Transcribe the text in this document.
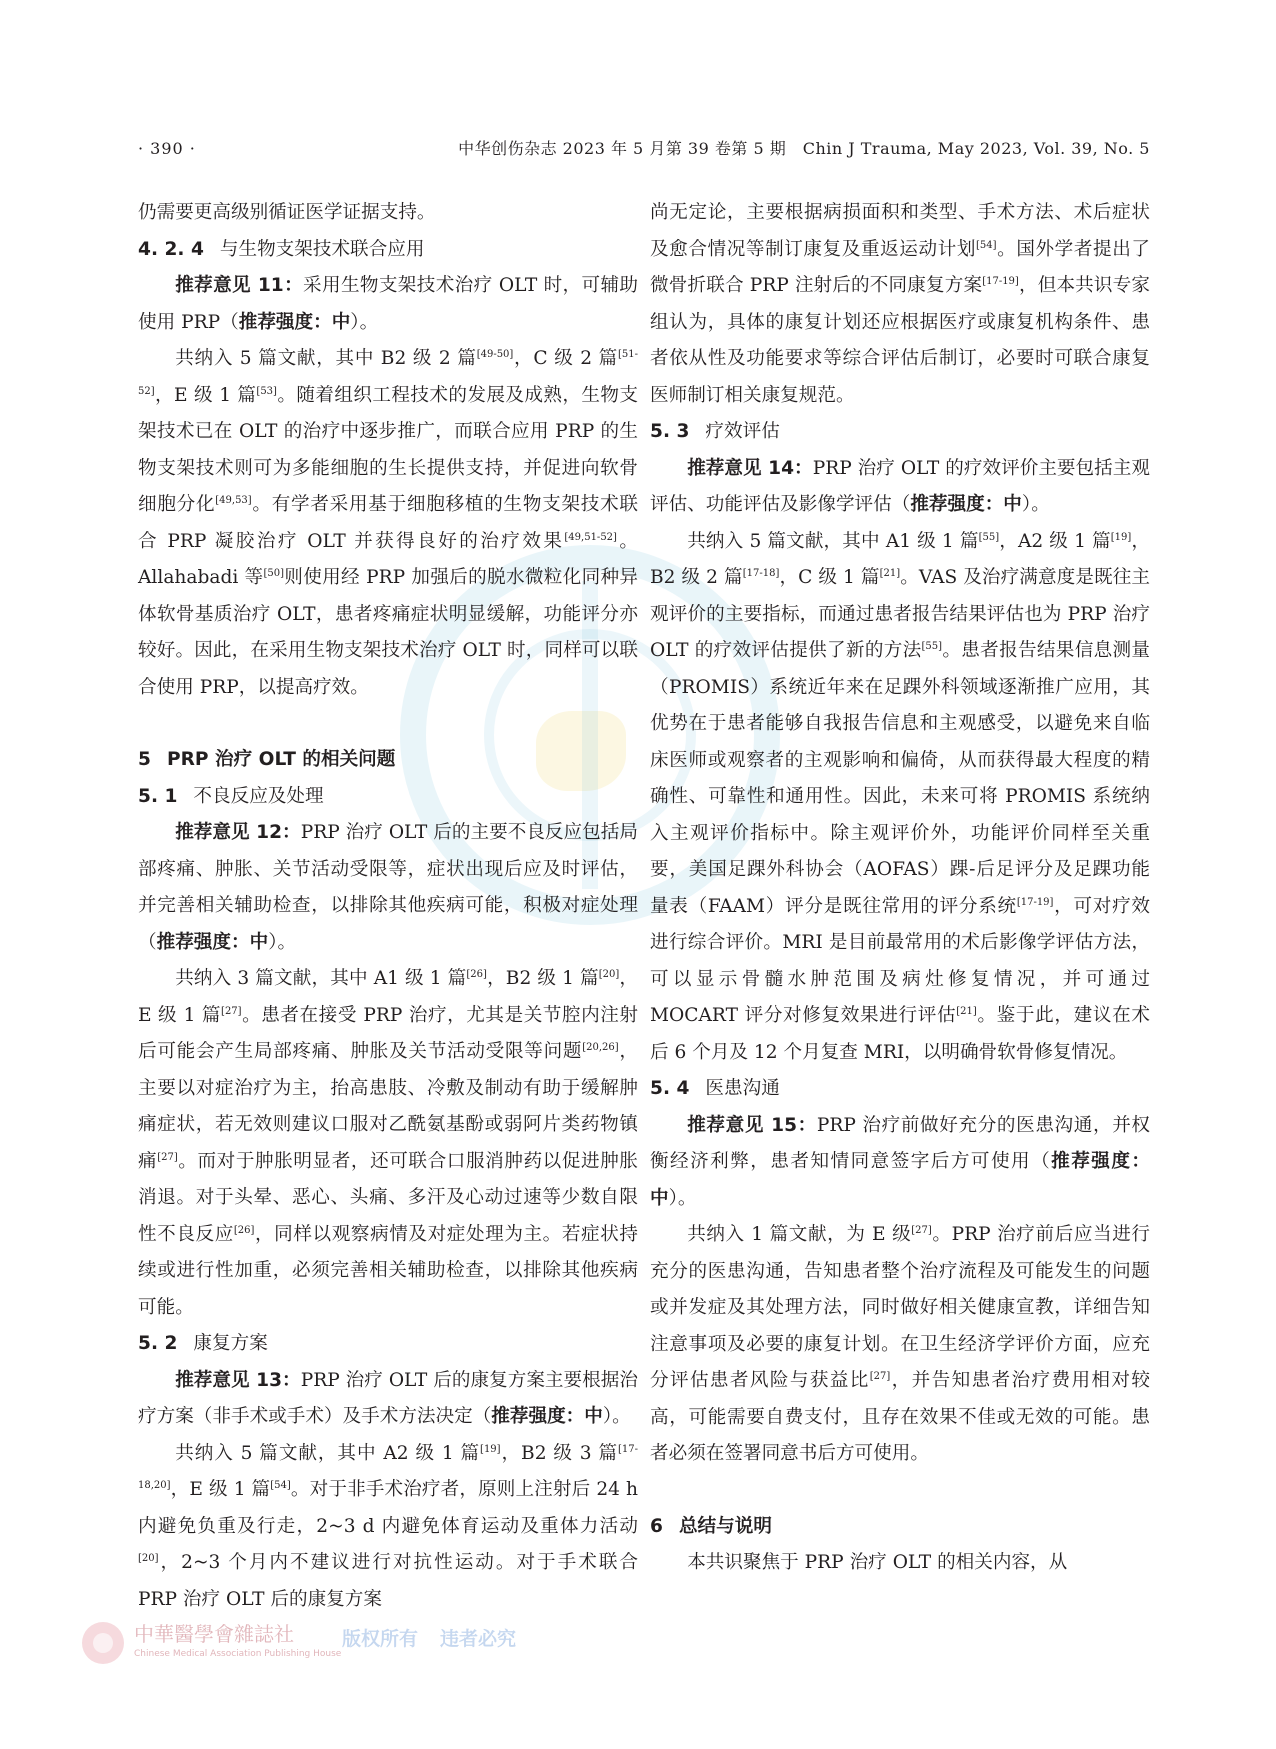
· 390 ·	中华创伤杂志 2023 年 5 月第 39 卷第 5 期　Chin J Trauma, May 2023, Vol. 39, No. 5

仍需要更高级别循证医学证据支持。

4. 2. 4 与生物支架技术联合应用

推荐意见 11：采用生物支架技术治疗 OLT 时，可辅助使用 PRP（推荐强度：中）。

共纳入 5 篇文献，其中 B2 级 2 篇[49-50]，C 级 2 篇[51-52]，E 级 1 篇[53]。随着组织工程技术的发展及成熟，生物支架技术已在 OLT 的治疗中逐步推广，而联合应用 PRP 的生物支架技术则可为多能细胞的生长提供支持，并促进向软骨细胞分化[49,53]。有学者采用基于细胞移植的生物支架技术联合 PRP 凝胶治疗 OLT 并获得良好的治疗效果[49,51-52]。Allahabadi 等[50]则使用经 PRP 加强后的脱水微粒化同种异体软骨基质治疗 OLT，患者疼痛症状明显缓解，功能评分亦较好。因此，在采用生物支架技术治疗 OLT 时，同样可以联合使用 PRP，以提高疗效。

5 PRP 治疗 OLT 的相关问题

5. 1 不良反应及处理

推荐意见 12：PRP 治疗 OLT 后的主要不良反应包括局部疼痛、肿胀、关节活动受限等，症状出现后应及时评估，并完善相关辅助检查，以排除其他疾病可能，积极对症处理（推荐强度：中）。

共纳入 3 篇文献，其中 A1 级 1 篇[26]，B2 级 1 篇[20]，E 级 1 篇[27]。患者在接受 PRP 治疗，尤其是关节腔内注射后可能会产生局部疼痛、肿胀及关节活动受限等问题[20,26]，主要以对症治疗为主，抬高患肢、冷敷及制动有助于缓解肿痛症状，若无效则建议口服对乙酰氨基酚或弱阿片类药物镇痛[27]。而对于肿胀明显者，还可联合口服消肿药以促进肿胀消退。对于头晕、恶心、头痛、多汗及心动过速等少数自限性不良反应[26]，同样以观察病情及对症处理为主。若症状持续或进行性加重，必须完善相关辅助检查，以排除其他疾病可能。

5. 2 康复方案

推荐意见 13：PRP 治疗 OLT 后的康复方案主要根据治疗方案（非手术或手术）及手术方法决定（推荐强度：中）。

共纳入 5 篇文献，其中 A2 级 1 篇[19]，B2 级 3 篇[17-18,20]，E 级 1 篇[54]。对于非手术治疗者，原则上注射后 24 h 内避免负重及行走，2~3 d 内避免体育运动及重体力活动[20]，2~3 个月内不建议进行对抗性运动。对于手术联合 PRP 治疗 OLT 后的康复方案

尚无定论，主要根据病损面积和类型、手术方法、术后症状及愈合情况等制订康复及重返运动计划[54]。国外学者提出了微骨折联合 PRP 注射后的不同康复方案[17-19]，但本共识专家组认为，具体的康复计划还应根据医疗或康复机构条件、患者依从性及功能要求等综合评估后制订，必要时可联合康复医师制订相关康复规范。

5. 3 疗效评估

推荐意见 14：PRP 治疗 OLT 的疗效评价主要包括主观评估、功能评估及影像学评估（推荐强度：中）。

共纳入 5 篇文献，其中 A1 级 1 篇[55]，A2 级 1 篇[19]，B2 级 2 篇[17-18]，C 级 1 篇[21]。VAS 及治疗满意度是既往主观评价的主要指标，而通过患者报告结果评估也为 PRP 治疗 OLT 的疗效评估提供了新的方法[55]。患者报告结果信息测量（PROMIS）系统近年来在足踝外科领域逐渐推广应用，其优势在于患者能够自我报告信息和主观感受，以避免来自临床医师或观察者的主观影响和偏倚，从而获得最大程度的精确性、可靠性和通用性。因此，未来可将 PROMIS 系统纳入主观评价指标中。除主观评价外，功能评价同样至关重要，美国足踝外科协会（AOFAS）踝-后足评分及足踝功能量表（FAAM）评分是既往常用的评分系统[17-19]，可对疗效进行综合评价。MRI 是目前最常用的术后影像学评估方法，可以显示骨髓水肿范围及病灶修复情况，并可通过 MOCART 评分对修复效果进行评估[21]。鉴于此，建议在术后 6 个月及 12 个月复查 MRI，以明确骨软骨修复情况。

5. 4 医患沟通

推荐意见 15：PRP 治疗前做好充分的医患沟通，并权衡经济利弊，患者知情同意签字后方可使用（推荐强度：中）。

共纳入 1 篇文献，为 E 级[27]。PRP 治疗前后应当进行充分的医患沟通，告知患者整个治疗流程及可能发生的问题或并发症及其处理方法，同时做好相关健康宣教，详细告知注意事项及必要的康复计划。在卫生经济学评价方面，应充分评估患者风险与获益比[27]，并告知患者治疗费用相对较高，可能需要自费支付，且存在效果不佳或无效的可能。患者必须在签署同意书后方可使用。

6 总结与说明

本共识聚焦于 PRP 治疗 OLT 的相关内容，从

中華醫學會雜誌社
Chinese Medical Association Publishing House
版权所有 违者必究
